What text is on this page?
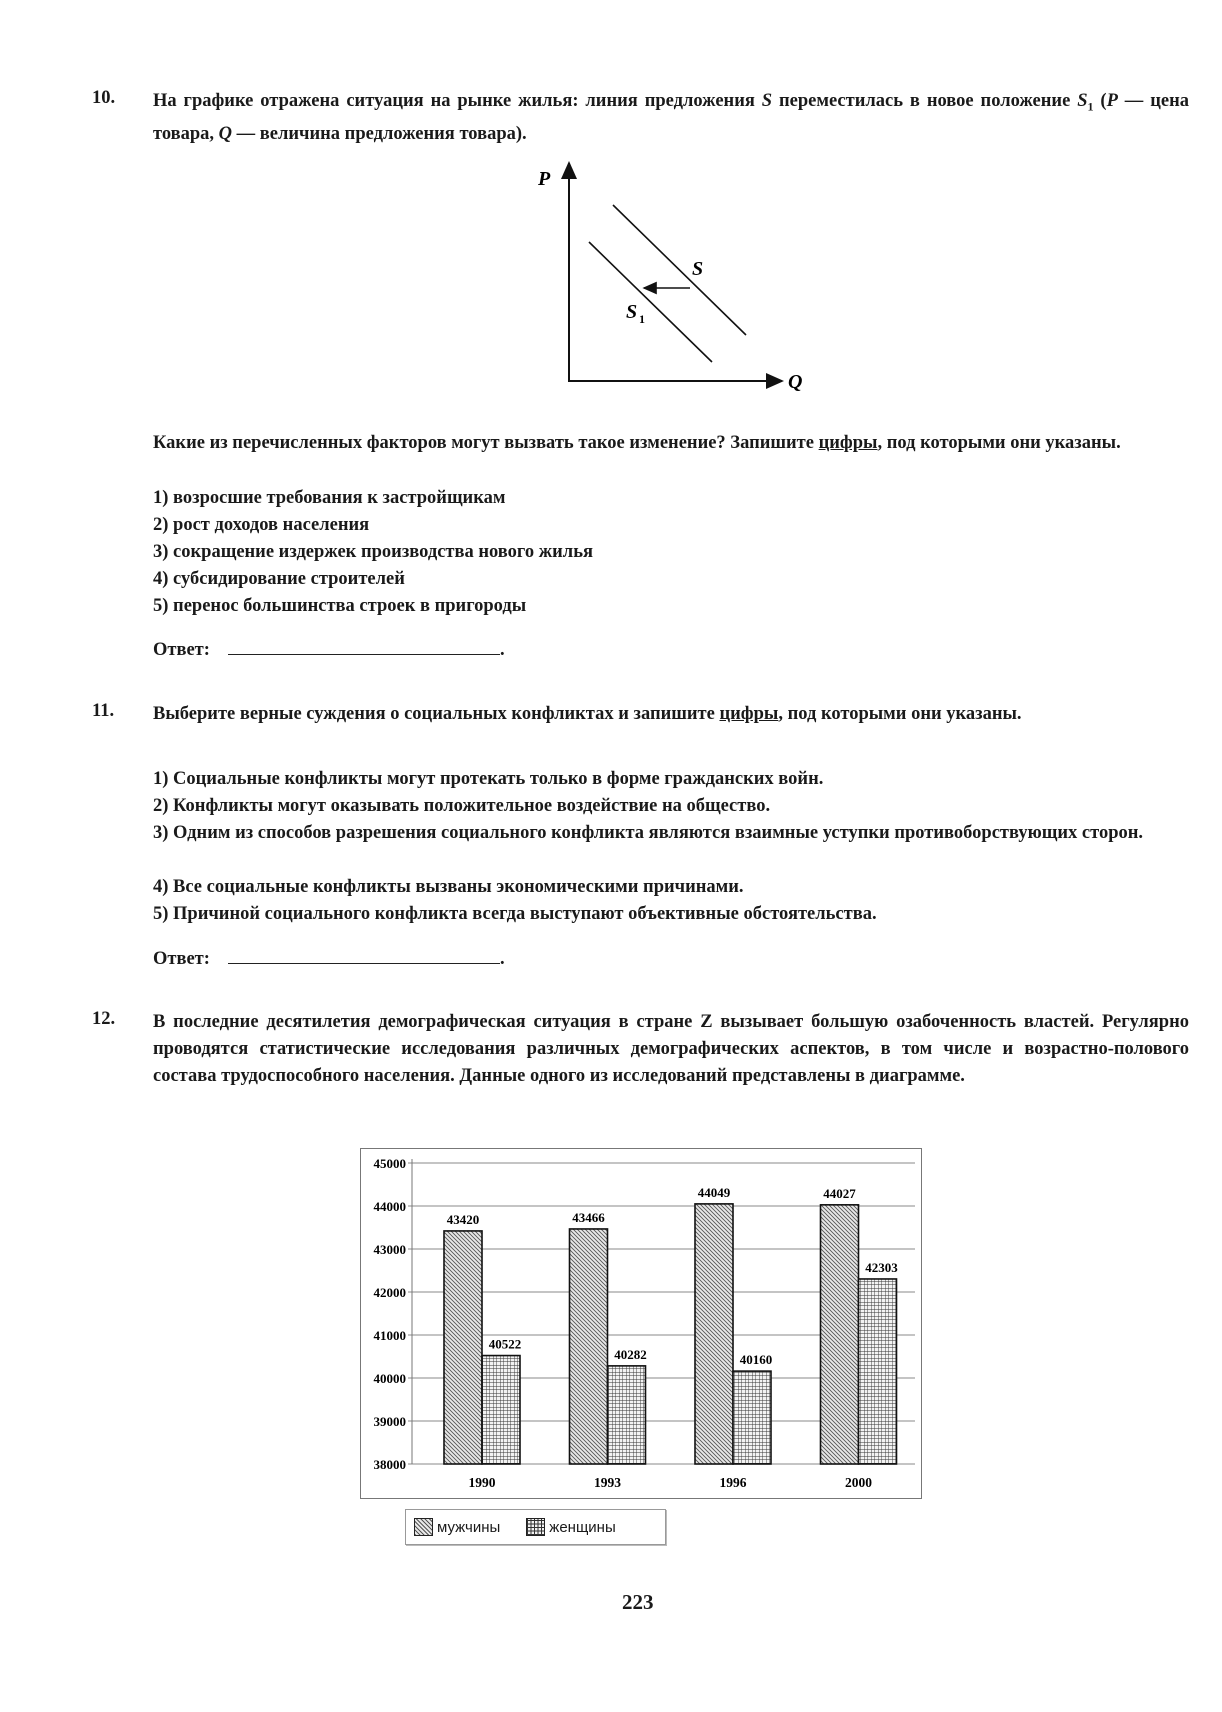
10. На графике отражена ситуация на рынке жилья: линия предложения S переместилась в новое положение $S_1$ (P — цена товара, Q — величина предложения товара).
P
Q
S
S 1
Какие из перечисленных факторов могут вызвать такое изменение? Запишите цифры, под которыми они указаны.
1) возросшие требования к застройщикам
2) рост доходов населения
3) сокращение издержек производства нового жилья
4) субсидирование строителей
5) перенос большинства строек в пригороды
Ответ:	.
11. Выберите верные суждения о социальных конфликтах и запишите цифры, под которыми они указаны.
1) Социальные конфликты могут протекать только в форме гражданских войн.
2) Конфликты могут оказывать положительное воздействие на общество.
3) Одним из способов разрешения социального конфликта являются взаимные уступки противоборствующих сторон.
4) Все социальные конфликты вызваны экономическими причинами.
5) Причиной социального конфликта всегда выступают объективные обстоятельства.
Ответ:	.
12. В последние десятилетия демографическая ситуация в стране Z вызывает большую озабоченность властей. Регулярно проводятся статистические исследования различных демографических аспектов, в том числе и возрастно-полового состава трудоспособного населения. Данные одного из исследований представлены в диаграмме.
45000
44000
43000
42000
41000
40000
39000
38000
43420
40522
1990
43466
40282
1993
44049
40160
1996
44027
42303
2000
мужчины	женщины
223
